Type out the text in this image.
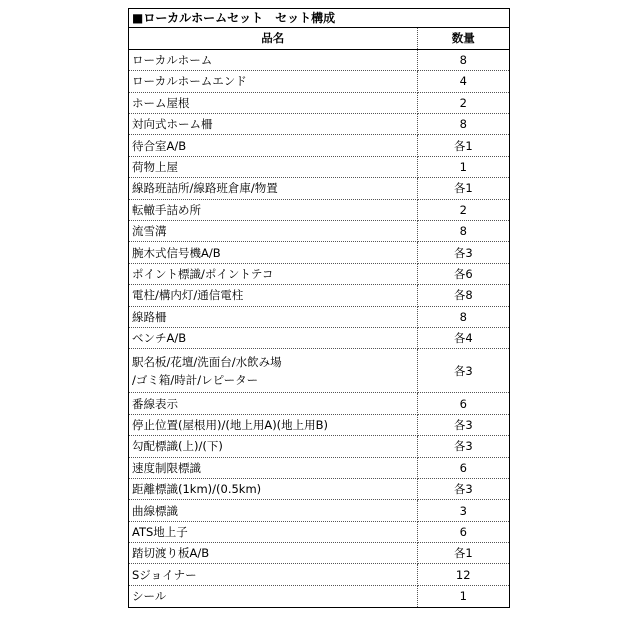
■ローカルホームセット　セット構成
品名	数量
ローカルホーム	8
ローカルホームエンド	4
ホーム屋根	2
対向式ホーム柵	8
待合室A/B	各1
荷物上屋	1
線路班詰所/線路班倉庫/物置	各1
転轍手詰め所	2
流雪溝	8
腕木式信号機A/B	各3
ポイント標識/ポイントテコ	各6
電柱/構内灯/通信電柱	各8
線路柵	8
ベンチA/B	各4
駅名板/花壇/洗面台/水飲み場
/ゴミ箱/時計/レピーター	各3
番線表示	6
停止位置(屋根用)/(地上用A)(地上用B)	各3
勾配標識(上)/(下)	各3
速度制限標識	6
距離標識(1km)/(0.5km)	各3
曲線標識	3
ATS地上子	6
踏切渡り板A/B	各1
Sジョイナー	12
シール	1
